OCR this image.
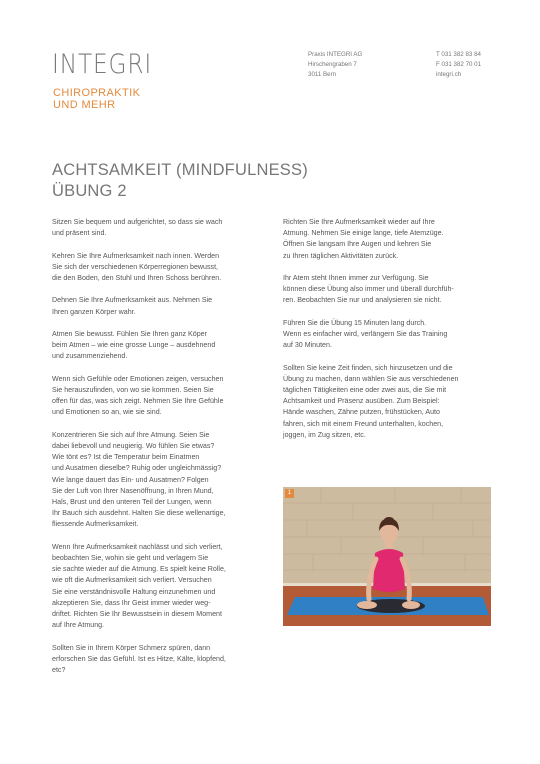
INTEGRI
CHIROPRAKTIK
UND MEHR
Praxis INTEGRI AG
Hirschengraben 7
3011 Bern
T 031 382 83 84
F 031 382 70 01
integri.ch
ACHTSAMKEIT (MINDFULNESS)
ÜBUNG 2

Sitzen Sie bequem und aufgerichtet, so dass sie wach
und präsent sind.

Kehren Sie Ihre Aufmerksamkeit nach innen. Werden
Sie sich der verschiedenen Körperregionen bewusst,
die den Boden, den Stuhl und Ihren Schoss berühren.

Dehnen Sie Ihre Aufmerksamkeit aus. Nehmen Sie
Ihren ganzen Körper wahr.

Atmen Sie bewusst. Fühlen Sie Ihren ganz Köper
beim Atmen – wie eine grosse Lunge – ausdehnend
und zusammenziehend.

Wenn sich Gefühle oder Emotionen zeigen, versuchen
Sie herauszufinden, von wo sie kommen. Seien Sie
offen für das, was sich zeigt. Nehmen Sie Ihre Gefühle
und Emotionen so an, wie sie sind.

Konzentrieren Sie sich auf Ihre Atmung. Seien Sie
dabei liebevoll und neugierig. Wo fühlen Sie etwas?
Wie tönt es? Ist die Temperatur beim Einatmen
und Ausatmen dieselbe? Ruhig oder ungleichmässig?
Wie lange dauert das Ein- und Ausatmen? Folgen
Sie der Luft von Ihrer Nasenöffnung, in Ihren Mund,
Hals, Brust und den unteren Teil der Lungen, wenn
Ihr Bauch sich ausdehnt. Halten Sie diese wellenartige,
fliessende Aufmerksamkeit.

Wenn Ihre Aufmerksamkeit nachlässt und sich verliert,
beobachten Sie, wohin sie geht und verlagern Sie
sie sachte wieder auf die Atmung. Es spielt keine Rolle,
wie oft die Aufmerksamkeit sich verliert. Versuchen
Sie eine verständnisvolle Haltung einzunehmen und
akzeptieren Sie, dass Ihr Geist immer wieder weg-
driftet. Richten Sie Ihr Bewusstsein in diesem Moment
auf Ihre Atmung.

Sollten Sie in Ihrem Körper Schmerz spüren, dann
erforschen Sie das Gefühl. Ist es Hitze, Kälte, klopfend,
etc?

Richten Sie Ihre Aufmerksamkeit wieder auf Ihre
Atmung. Nehmen Sie einige lange, tiefe Atemzüge.
Öffnen Sie langsam Ihre Augen und kehren Sie
zu Ihren täglichen Aktivitäten zurück.

Ihr Atem steht Ihnen immer zur Verfügung. Sie
können diese Übung also immer und überall durchfüh-
ren. Beobachten Sie nur und analysieren sie nicht.

Führen Sie die Übung 15 Minuten lang durch.
Wenn es einfacher wird, verlängern Sie das Training
auf 30 Minuten.

Sollten Sie keine Zeit finden, sich hinzusetzen und die
Übung zu machen, dann wählen Sie aus verschiedenen
täglichen Tätigkeiten eine oder zwei aus, die Sie mit
Achtsamkeit und Präsenz ausüben. Zum Beispiel:
Hände waschen, Zähne putzen, frühstücken, Auto
fahren, sich mit einem Freund unterhalten, kochen,
joggen, im Zug sitzen, etc.

1
